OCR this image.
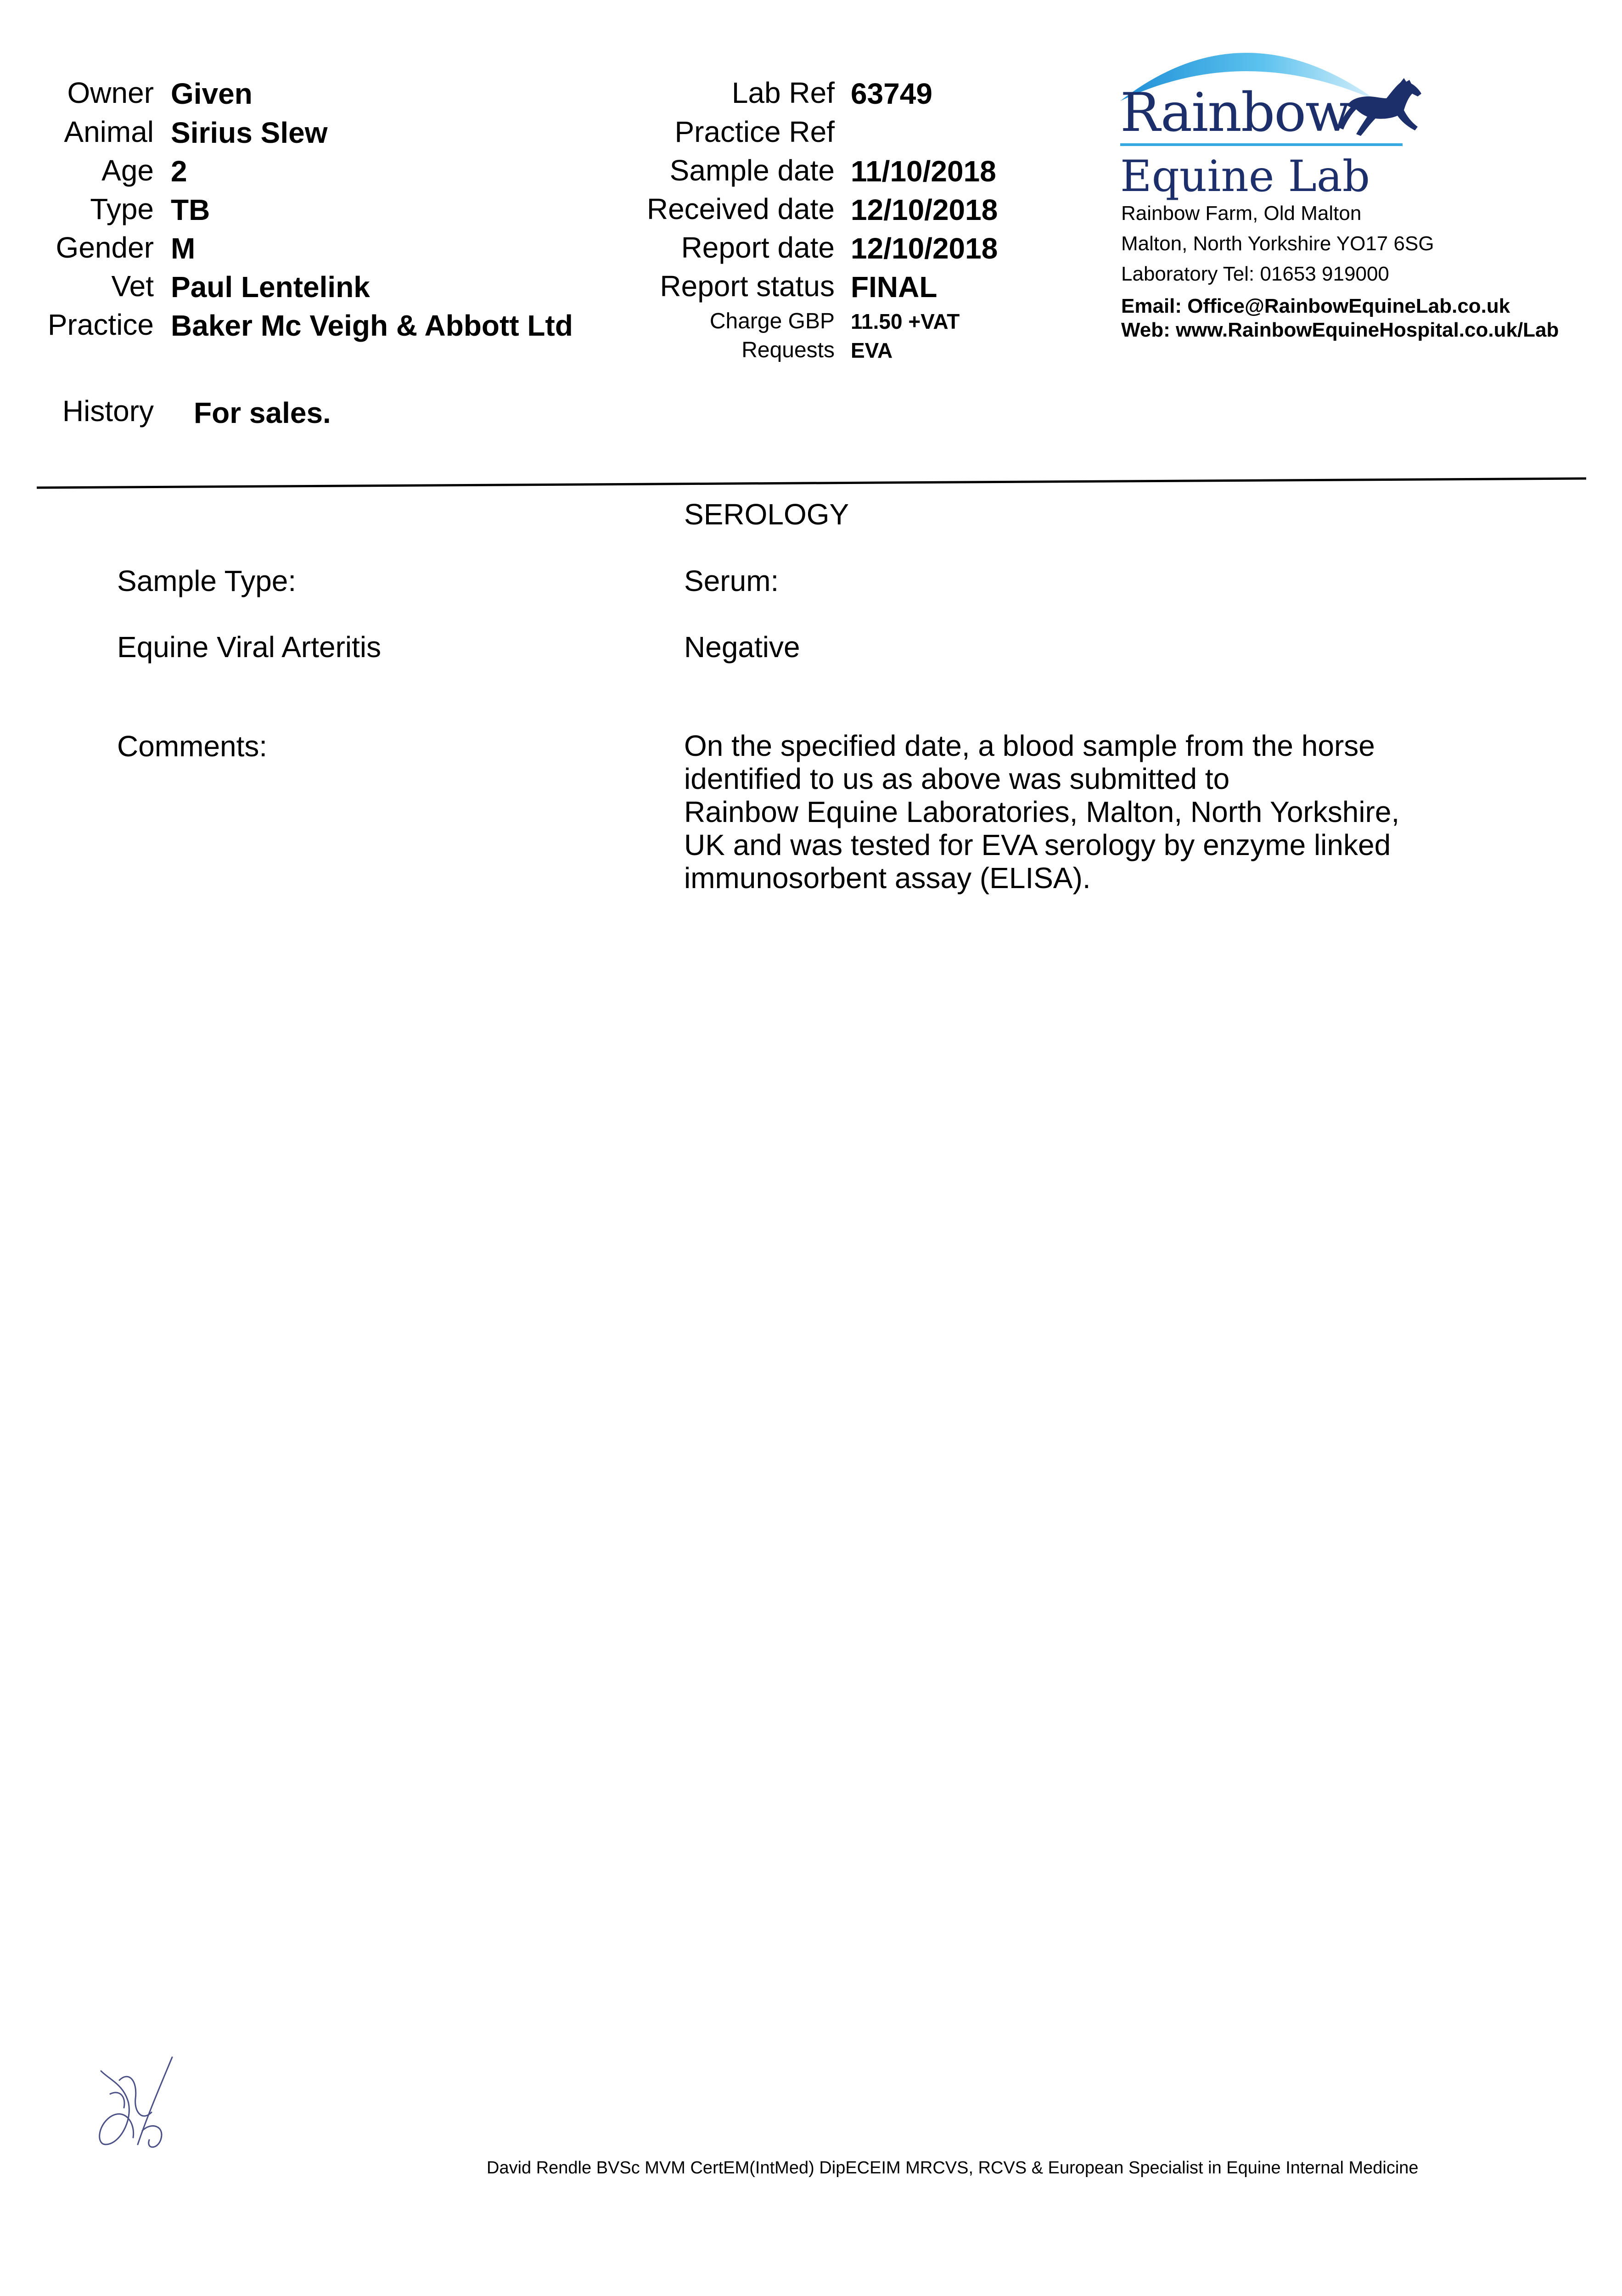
Owner Given
Animal Sirius Slew
Age 2
Type TB
Gender M
Vet Paul Lentelink
Practice Baker Mc Veigh & Abbott Ltd
Lab Ref 63749
Practice Ref
Sample date 11/10/2018
Received date 12/10/2018
Report date 12/10/2018
Report status FINAL
Charge GBP 11.50 +VAT
Requests EVA
Rainbow
Equine Lab
Rainbow Farm, Old Malton
Malton, North Yorkshire YO17 6SG
Laboratory Tel: 01653 919000
Email: Office@RainbowEquineLab.co.uk
Web: www.RainbowEquineHospital.co.uk/Lab
History For sales.
SEROLOGY
Sample Type:	Serum:
Equine Viral Arteritis	Negative
Comments:	On the specified date, a blood sample from the horse
identified to us as above was submitted to
Rainbow Equine Laboratories, Malton, North Yorkshire,
UK and was tested for EVA serology by enzyme linked
immunosorbent assay (ELISA).
David Rendle BVSc MVM CertEM(IntMed) DipECEIM MRCVS, RCVS & European Specialist in Equine Internal Medicine
